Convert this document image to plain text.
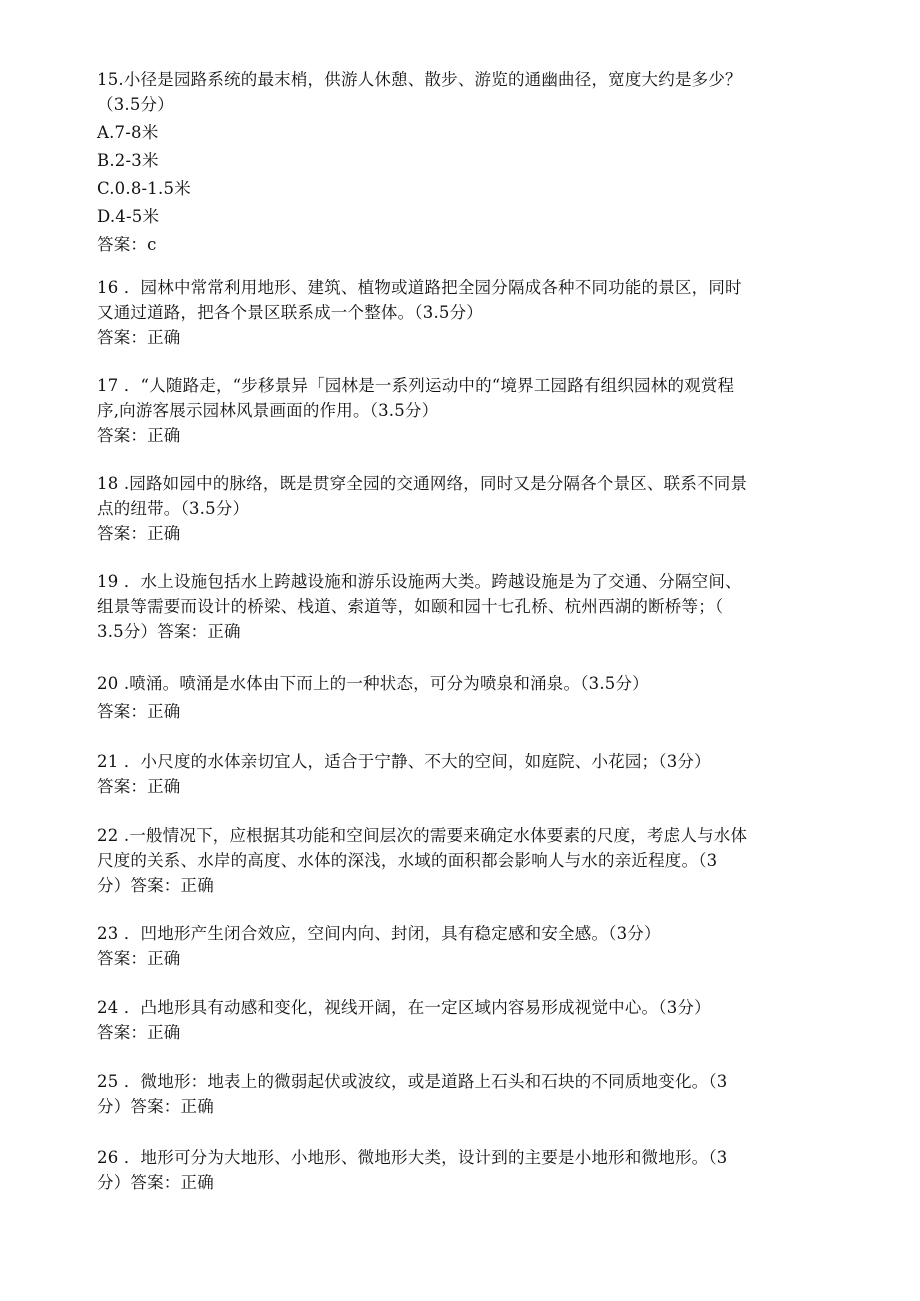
15.小径是园路系统的最末梢，供游人休憩、散步、游览的通幽曲径，宽度大约是多少？
（3.5分）
A.7-8米
B.2-3米
C.0.8-1.5米
D.4-5米
答案：c
16 ．园林中常常利用地形、建筑、植物或道路把全园分隔成各种不同功能的景区，同时
又通过道路，把各个景区联系成一个整体。（3.5分）
答案：正确
17 ．“人随路走，“步移景异「园林是一系列运动中的“境界工园路有组织园林的观赏程
序,向游客展示园林风景画面的作用。（3.5分）
答案：正确
18 .园路如园中的脉络，既是贯穿全园的交通网络，同时又是分隔各个景区、联系不同景
点的纽带。（3.5分）
答案：正确
19 ．水上设施包括水上跨越设施和游乐设施两大类。跨越设施是为了交通、分隔空间、
组景等需要而设计的桥梁、栈道、索道等，如颐和园十七孔桥、杭州西湖的断桥等；（
3.5分）答案：正确
20 .喷涌。喷涌是水体由下而上的一种状态，可分为喷泉和涌泉。（3.5分）
答案：正确
21 ．小尺度的水体亲切宜人，适合于宁静、不大的空间，如庭院、小花园；（3分）
答案：正确
22 .一般情况下，应根据其功能和空间层次的需要来确定水体要素的尺度，考虑人与水体
尺度的关系、水岸的高度、水体的深浅，水域的面积都会影响人与水的亲近程度。（3
分）答案：正确
23 ．凹地形产生闭合效应，空间内向、封闭，具有稳定感和安全感。（3分）
答案：正确
24 ．凸地形具有动感和变化，视线开阔，在一定区域内容易形成视觉中心。（3分）
答案：正确
25 ．微地形：地表上的微弱起伏或波纹，或是道路上石头和石块的不同质地变化。（3
分）答案：正确
26 ．地形可分为大地形、小地形、微地形大类，设计到的主要是小地形和微地形。（3
分）答案：正确
